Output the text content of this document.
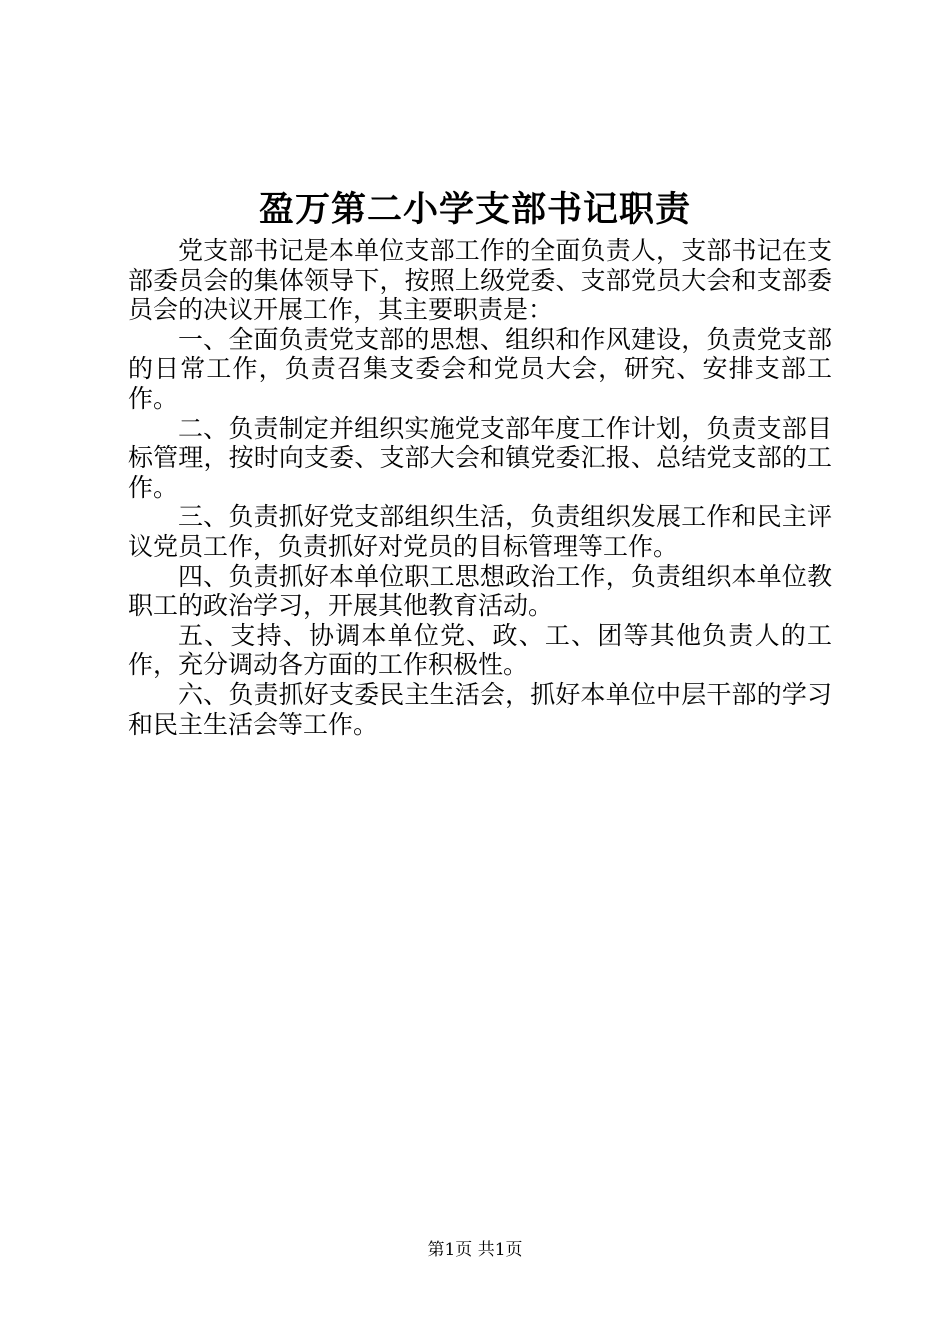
盈万第二小学支部书记职责

党支部书记是本单位支部工作的全面负责人，支部书记在支部委员会的集体领导下，按照上级党委、支部党员大会和支部委员会的决议开展工作，其主要职责是：

一、全面负责党支部的思想、组织和作风建设，负责党支部的日常工作，负责召集支委会和党员大会，研究、安排支部工作。

二、负责制定并组织实施党支部年度工作计划，负责支部目标管理，按时向支委、支部大会和镇党委汇报、总结党支部的工作。

三、负责抓好党支部组织生活，负责组织发展工作和民主评议党员工作，负责抓好对党员的目标管理等工作。

四、负责抓好本单位职工思想政治工作，负责组织本单位教职工的政治学习，开展其他教育活动。

五、支持、协调本单位党、政、工、团等其他负责人的工作，充分调动各方面的工作积极性。

六、负责抓好支委民主生活会，抓好本单位中层干部的学习和民主生活会等工作。

第1页 共1页
